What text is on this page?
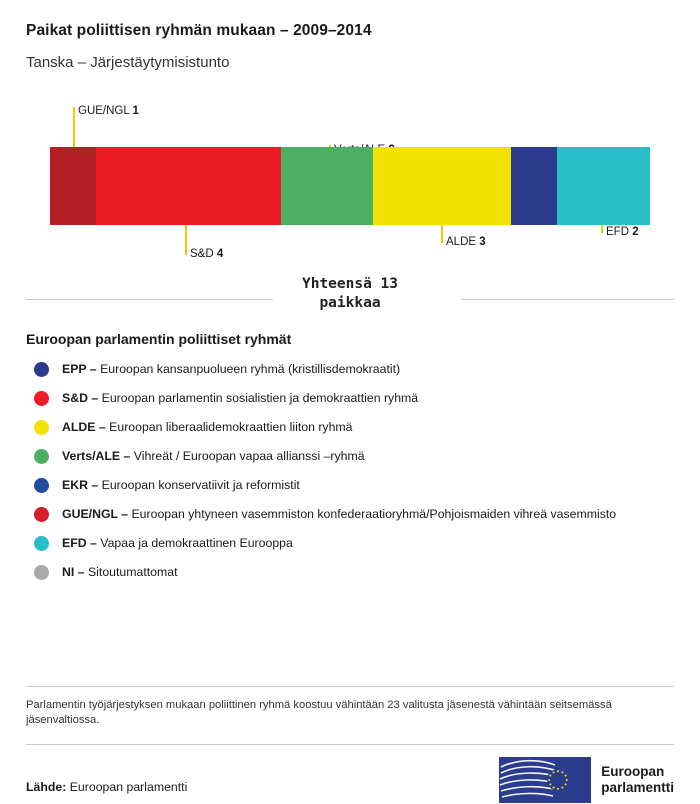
Paikat poliittisen ryhmän mukaan – 2009–2014
Tanska – Järjestäytymisistunto
GUE/NGL 1
S&D 4
ALDE 3
EFD 2
Yhteensä 13
paikkaa
Euroopan parlamentin poliittiset ryhmät
EPP – Euroopan kansanpuolueen ryhmä (kristillisdemokraatit)
S&D – Euroopan parlamentin sosialistien ja demokraattien ryhmä
ALDE – Euroopan liberaalidemokraattien liiton ryhmä
Verts/ALE – Vihreät / Euroopan vapaa allianssi –ryhmä
EKR – Euroopan konservatiivit ja reformistit
GUE/NGL – Euroopan yhtyneen vasemmiston konfederaatioryhmä/Pohjoismaiden vihreä vasemmisto
EFD – Vapaa ja demokraattinen Eurooppa
NI – Sitoutumattomat
Parlamentin työjärjestyksen mukaan poliittinen ryhmä koostuu vähintään 23 valitusta jäsenestä vähintään seitsemässä jäsenvaltiossa.
Lähde: Euroopan parlamentti
Euroopan
parlamentti
